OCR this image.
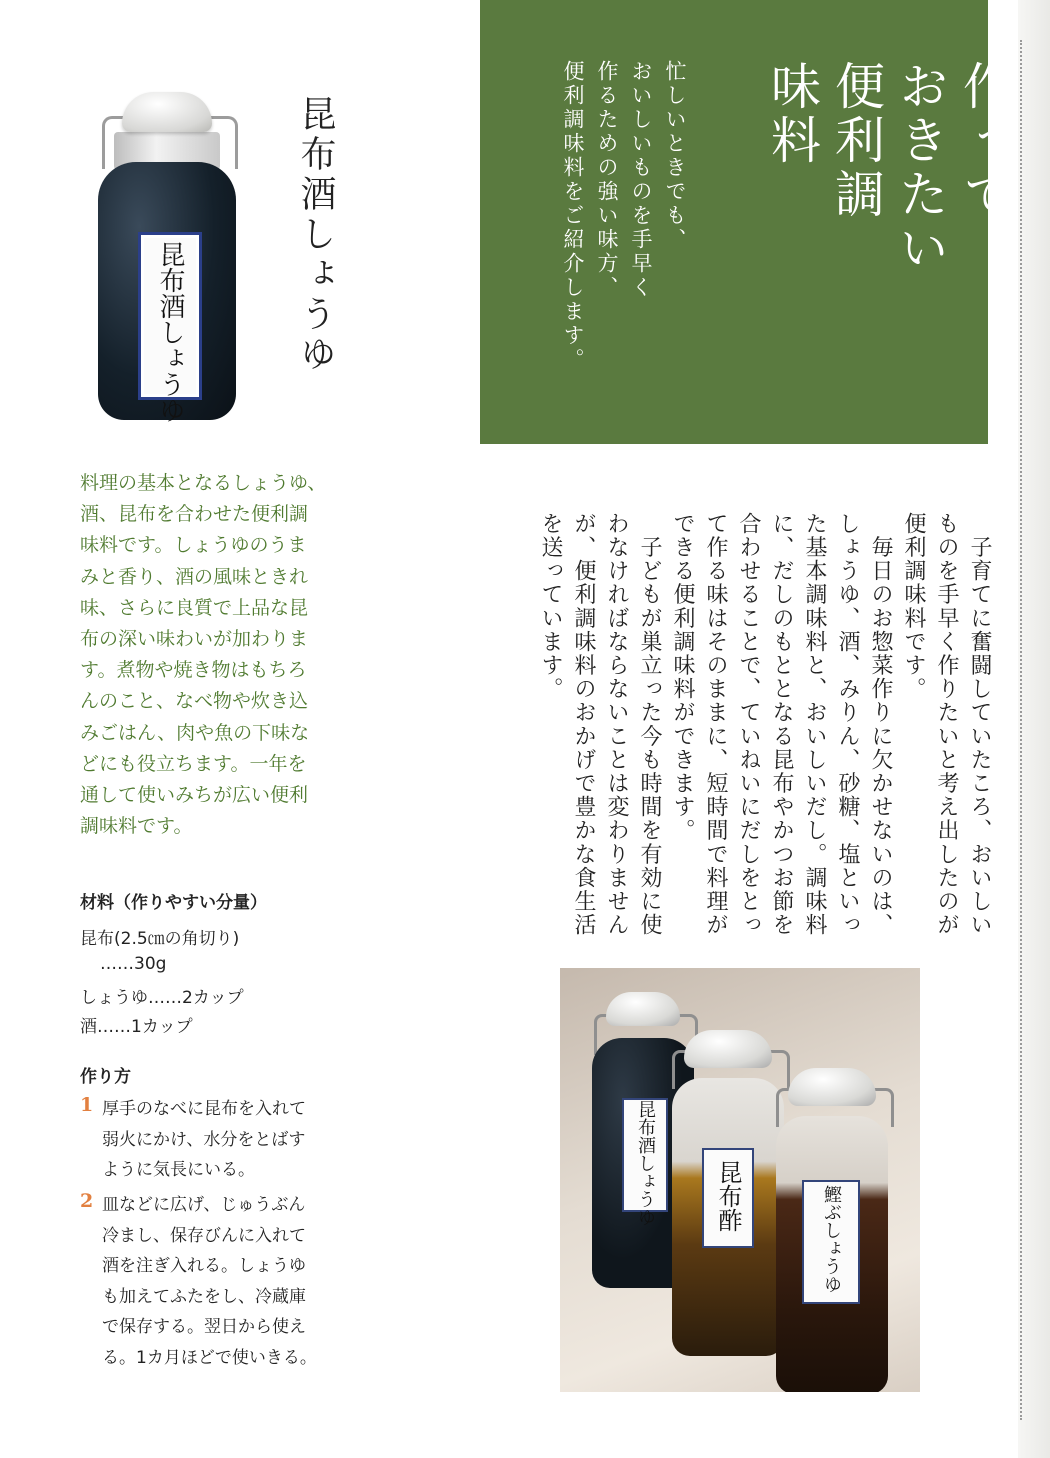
作って
おきたい
便利調
味料
忙しいときでも、
おいしいものを手早く
作るための強い味方、
便利調味料をご紹介します。
昆布酒しょうゆ	昆布酒しょうゆ
料理の基本となるしょうゆ、
酒、昆布を合わせた便利調
味料です。しょうゆのうま
みと香り、酒の風味ときれ
味、さらに良質で上品な昆
布の深い味わいが加わりま
す。煮物や焼き物はもちろ
んのこと、なべ物や炊き込
みごはん、肉や魚の下味な
どにも役立ちます。一年を
通して使いみちが広い便利
調味料です。
材料（作りやすい分量）
昆布(2.5㎝の角切り)
……30g
しょうゆ……2カップ
酒……1カップ
作り方
1 厚手のなべに昆布を入れて
弱火にかけ、水分をとばす
ように気長にいる。
2 皿などに広げ、じゅうぶん
冷まし、保存びんに入れて
酒を注ぎ入れる。しょうゆ
も加えてふたをし、冷蔵庫
で保存する。翌日から使え
る。1カ月ほどで使いきる。
　子育てに奮闘していたころ、おいしい
ものを手早く作りたいと考え出したのが
便利調味料です。
　毎日のお惣菜作りに欠かせないのは、
しょうゆ、酒、みりん、砂糖、塩といっ
た基本調味料と、おいしいだし。調味料
に、だしのもととなる昆布やかつお節を
合わせることで、ていねいにだしをとっ
て作る味はそのままに、短時間で料理が
できる便利調味料ができます。
　子どもが巣立った今も時間を有効に使
わなければならないことは変わりません
が、便利調味料のおかげで豊かな食生活
を送っています。
昆布酒しょうゆ	昆布酢	鰹ぶしょうゆ
